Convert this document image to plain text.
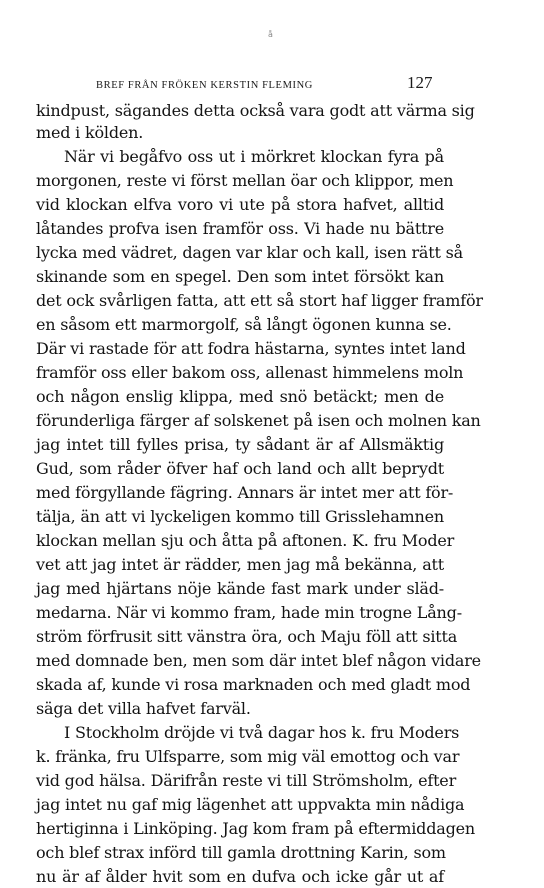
å
BREF FRÅN FRÖKEN KERSTIN FLEMING	127
kindpust, sägandes detta också vara godt att värma sig
med i kölden.
När vi begåfvo oss ut i mörkret klockan fyra på
morgonen, reste vi först mellan öar och klippor, men
vid klockan elfva voro vi ute på stora hafvet, alltid
låtandes profva isen framför oss. Vi hade nu bättre
lycka med vädret, dagen var klar och kall, isen rätt så
skinande som en spegel. Den som intet försökt kan
det ock svårligen fatta, att ett så stort haf ligger framför
en såsom ett marmorgolf, så långt ögonen kunna se.
Där vi rastade för att fodra hästarna, syntes intet land
framför oss eller bakom oss, allenast himmelens moln
och någon enslig klippa, med snö betäckt; men de
förunderliga färger af solskenet på isen och molnen kan
jag intet till fylles prisa, ty sådant är af Allsmäktig
Gud, som råder öfver haf och land och allt beprydt
med förgyllande fägring. Annars är intet mer att för-
tälja, än att vi lyckeligen kommo till Grisslehamnen
klockan mellan sju och åtta på aftonen. K. fru Moder
vet att jag intet är rädder, men jag må bekänna, att
jag med hjärtans nöje kände fast mark under släd-
medarna. När vi kommo fram, hade min trogne Lång-
ström förfrusit sitt vänstra öra, och Maju föll att sitta
med domnade ben, men som där intet blef någon vidare
skada af, kunde vi rosa marknaden och med gladt mod
säga det villa hafvet farväl.
I Stockholm dröjde vi två dagar hos k. fru Moders
k. fränka, fru Ulfsparre, som mig väl emottog och var
vid god hälsa. Därifrån reste vi till Strömsholm, efter
jag intet nu gaf mig lägenhet att uppvakta min nådiga
hertiginna i Linköping. Jag kom fram på eftermiddagen
och blef strax införd till gamla drottning Karin, som
nu är af ålder hvit som en dufva och icke går ut af
